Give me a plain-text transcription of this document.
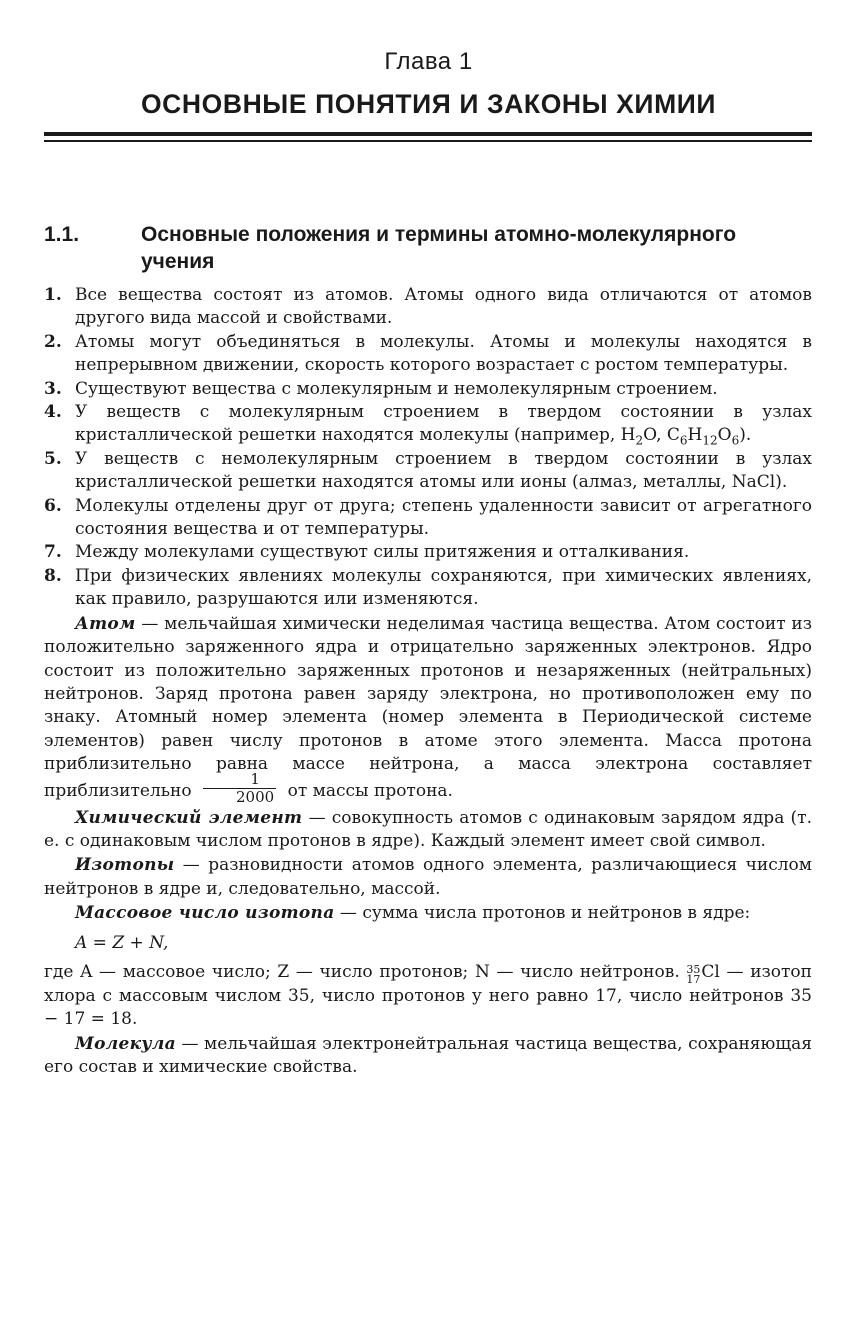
Глава 1
ОСНОВНЫЕ ПОНЯТИЯ И ЗАКОНЫ ХИМИИ
1.1.	Основные положения и термины атомно-молекулярного учения
1. Все вещества состоят из атомов. Атомы одного вида отличаются от атомов другого вида массой и свойствами.
2. Атомы могут объединяться в молекулы. Атомы и молекулы находятся в непрерывном движении, скорость которого возрастает с ростом температуры.
3. Существуют вещества с молекулярным и немолекулярным строением.
4. У веществ с молекулярным строением в твердом состоянии в узлах кристаллической решетки находятся молекулы (например, $H_2O$, $C_6H_{12}O_6$).
5. У веществ с немолекулярным строением в твердом состоянии в узлах кристаллической решетки находятся атомы или ионы (алмаз, металлы, NaCl).
6. Молекулы отделены друг от друга; степень удаленности зависит от агрегатного состояния вещества и от температуры.
7. Между молекулами существуют силы притяжения и отталкивания.
8. При физических явлениях молекулы сохраняются, при химических явлениях, как правило, разрушаются или изменяются.
Атом — мельчайшая химически неделимая частица вещества. Атом состоит из положительно заряженного ядра и отрицательно заряженных электронов. Ядро состоит из положительно заряженных протонов и незаряженных (нейтральных) нейтронов. Заряд протона равен заряду электрона, но противоположен ему по знаку. Атомный номер элемента (номер элемента в Периодической системе элементов) равен числу протонов в атоме этого элемента. Масса протона приблизительно равна массе нейтрона, а масса электрона составляет приблизительно $\frac{1}{2000}$ от массы протона.
Химический элемент — совокупность атомов с одинаковым зарядом ядра (т. е. с одинаковым числом протонов в ядре). Каждый элемент имеет свой символ.
Изотопы — разновидности атомов одного элемента, различающиеся числом нейтронов в ядре и, следовательно, массой.
Массовое число изотопа — сумма числа протонов и нейтронов в ядре:
A = Z + N,
где A — массовое число; Z — число протонов; N — число нейтронов. 35
17 Cl — изотоп хлора с массовым числом 35, число протонов у него равно 17, число нейтронов 35 − 17 = 18.
Молекула — мельчайшая электронейтральная частица вещества, сохраняющая его состав и химические свойства.
